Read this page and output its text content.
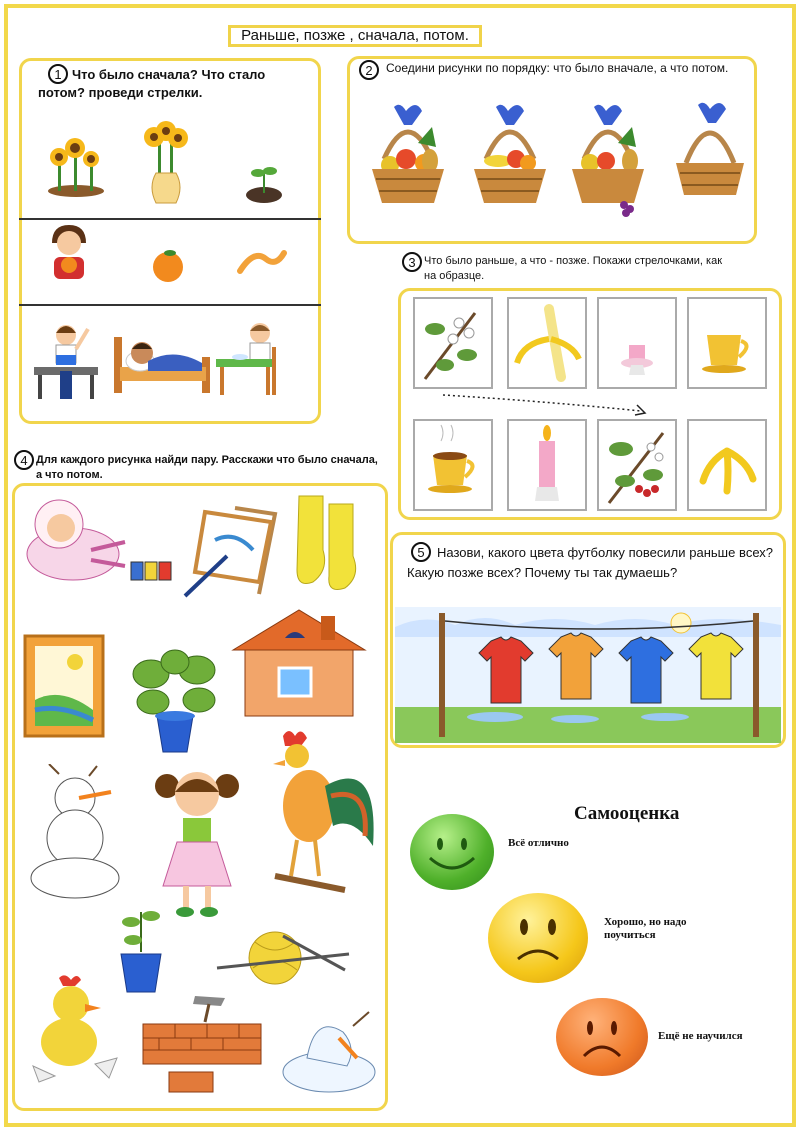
Раньше, позже , сначала, потом.
1 Что было сначала? Что стало потом? проведи стрелки.
2	Соедини рисунки по порядку: что было вначале, а что потом.
3 Что было раньше, а что - позже. Покажи стрелочками, как на образце.
4 Для каждого рисунка найди пару. Расскажи что было сначала, а что потом.
5 Назови, какого цвета футболку повесили раньше всех? Какую позже всех? Почему ты так думаешь?
Самооценка
Всё отлично
Хорошо, но надо поучиться
Ещё не научился
